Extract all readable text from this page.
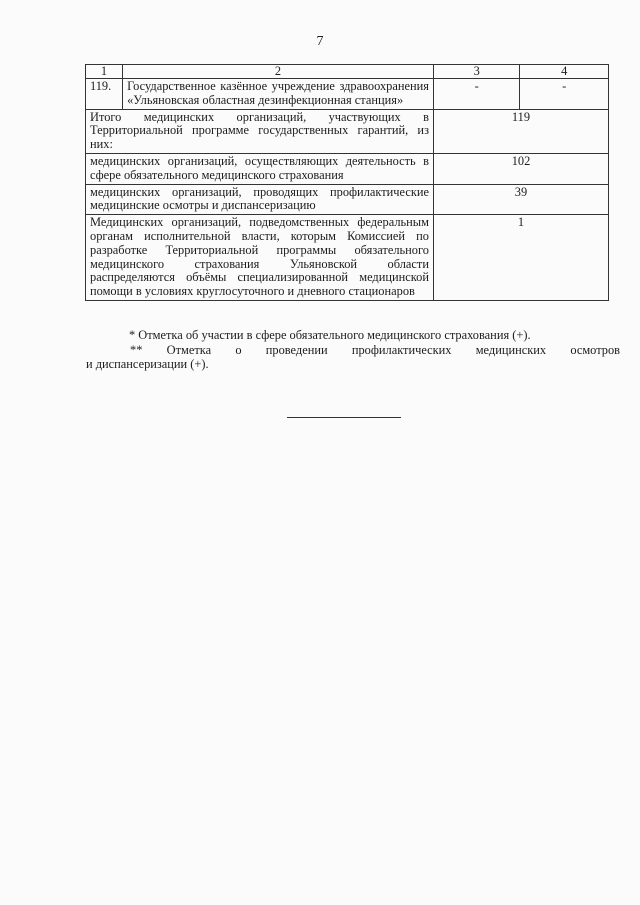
7
1	2	3	4
119.	Государственное казённое учреждение здравоохранения «Ульяновская областная дезинфекционная станция»	-	-
Итого медицинских организаций, участвующих в Территориальной программе государственных гарантий, из них:		119	
медицинских организаций, осуществляющих деятельность в сфере обязательного медицинского страхования		102	
медицинских организаций, проводящих профилактические медицинские осмотры и диспансеризацию		39	
Медицинских организаций, подведомственных федеральным органам исполнительной власти, которым Комиссией по разработке Территориальной программы обязательного медицинского страхования Ульяновской области распределяются объёмы специализированной медицинской помощи в условиях круглосуточного и дневного стационаров		1	
* Отметка об участии в сфере обязательного медицинского страхования (+).
** Отметка о проведении профилактических медицинских осмотров
и диспансеризации (+).
